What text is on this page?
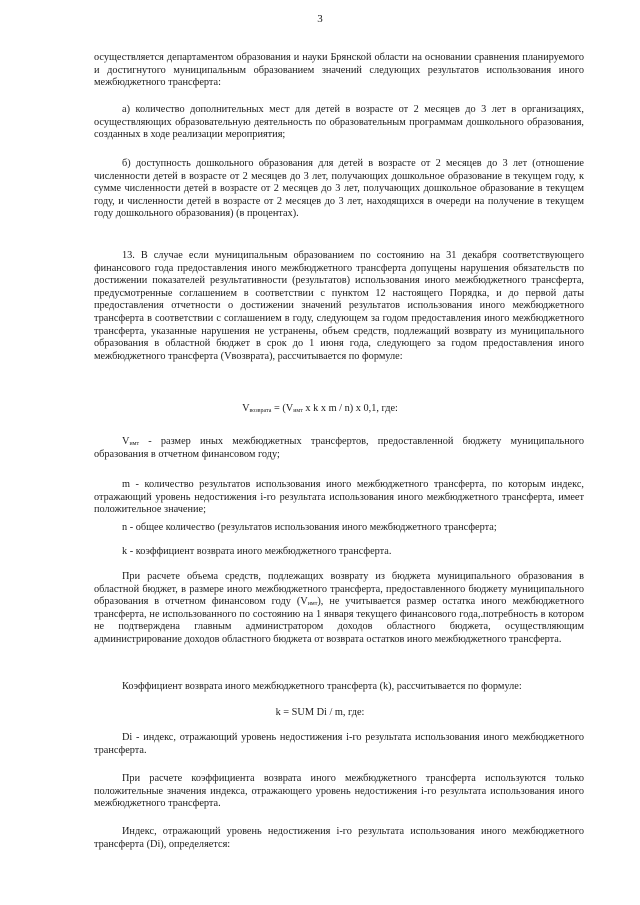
3

осуществляется департаментом образования и науки Брянской области на основании сравнения планируемого и достигнутого муниципальным образованием значений следующих результатов использования иного межбюджетного трансферта:

а) количество дополнительных мест для детей в возрасте от 2 месяцев до 3 лет в организациях, осуществляющих образовательную деятельность по образовательным программам дошкольного образования, созданных в ходе реализации мероприятия;

б) доступность дошкольного образования для детей в возрасте от 2 месяцев до 3 лет (отношение численности детей в возрасте от 2 месяцев до 3 лет, получающих дошкольное образование в текущем году, к сумме численности детей в возрасте от 2 месяцев до 3 лет, получающих дошкольное образование в текущем году, и численности детей в возрасте от 2 месяцев до 3 лет, находящихся в очереди на получение в текущем году дошкольного образования) (в процентах).

13. В случае если муниципальным образованием по состоянию на 31 декабря соответствующего финансового года предоставления иного межбюджетного трансферта допущены нарушения обязательств по достижении показателей результативности (результатов) использования иного межбюджетного трансферта, предусмотренные соглашением в соответствии с пунктом 12 настоящего Порядка, и до первой даты предоставления отчетности о достижении значений результатов использования иного межбюджетного трансферта в соответствии с соглашением в году, следующем за годом предоставления иного межбюджетного трансферта, указанные нарушения не устранены, объем средств, подлежащий возврату из муниципального образования в областной бюджет в срок до 1 июня года, следующего за годом предоставления иного межбюджетного трансферта (Vвозврата), рассчитывается по формуле:

$V_{возврата} = (V_{имт}$ x k x m / n) x 0,1, где:

$V_{имт}$ - размер иных межбюджетных трансфертов, предоставленной бюджету муниципального образования в отчетном финансовом году;

m - количество результатов использования иного межбюджетного трансферта, по которым индекс, отражающий уровень недостижения i-го результата использования иного межбюджетного трансферта, имеет положительное значение;

n - общее количество (результатов использования иного межбюджетного трансферта;

k - коэффициент возврата иного межбюджетного трансферта.

При расчете объема средств, подлежащих возврату из бюджета муниципального образования в областной бюджет, в размере иного межбюджетного трансферта, предоставленного бюджету муниципального образования в отчетном финансовом году $(V_{имт})$, не учитывается размер остатка иного межбюджетного трансферта, не использованного по состоянию на 1 января текущего финансового года,.потребность в котором не подтверждена главным администратором доходов областного бюджета, осуществляющим администрирование доходов областного бюджета от возврата остатков иного межбюджетного трансферта.

Коэффициент возврата иного межбюджетного трансферта (k), рассчитывается по формуле:

k = SUM Di / m, где:

Di - индекс, отражающий уровень недостижения i-го результата использования иного межбюджетного трансферта.

При расчете коэффициента возврата иного межбюджетного трансферта используются только положительные значения индекса, отражающего уровень недостижения i-го результата использования иного межбюджетного трансферта.

Индекс, отражающий уровень недостижения i-го результата использования иного межбюджетного трансферта (Di), определяется:
